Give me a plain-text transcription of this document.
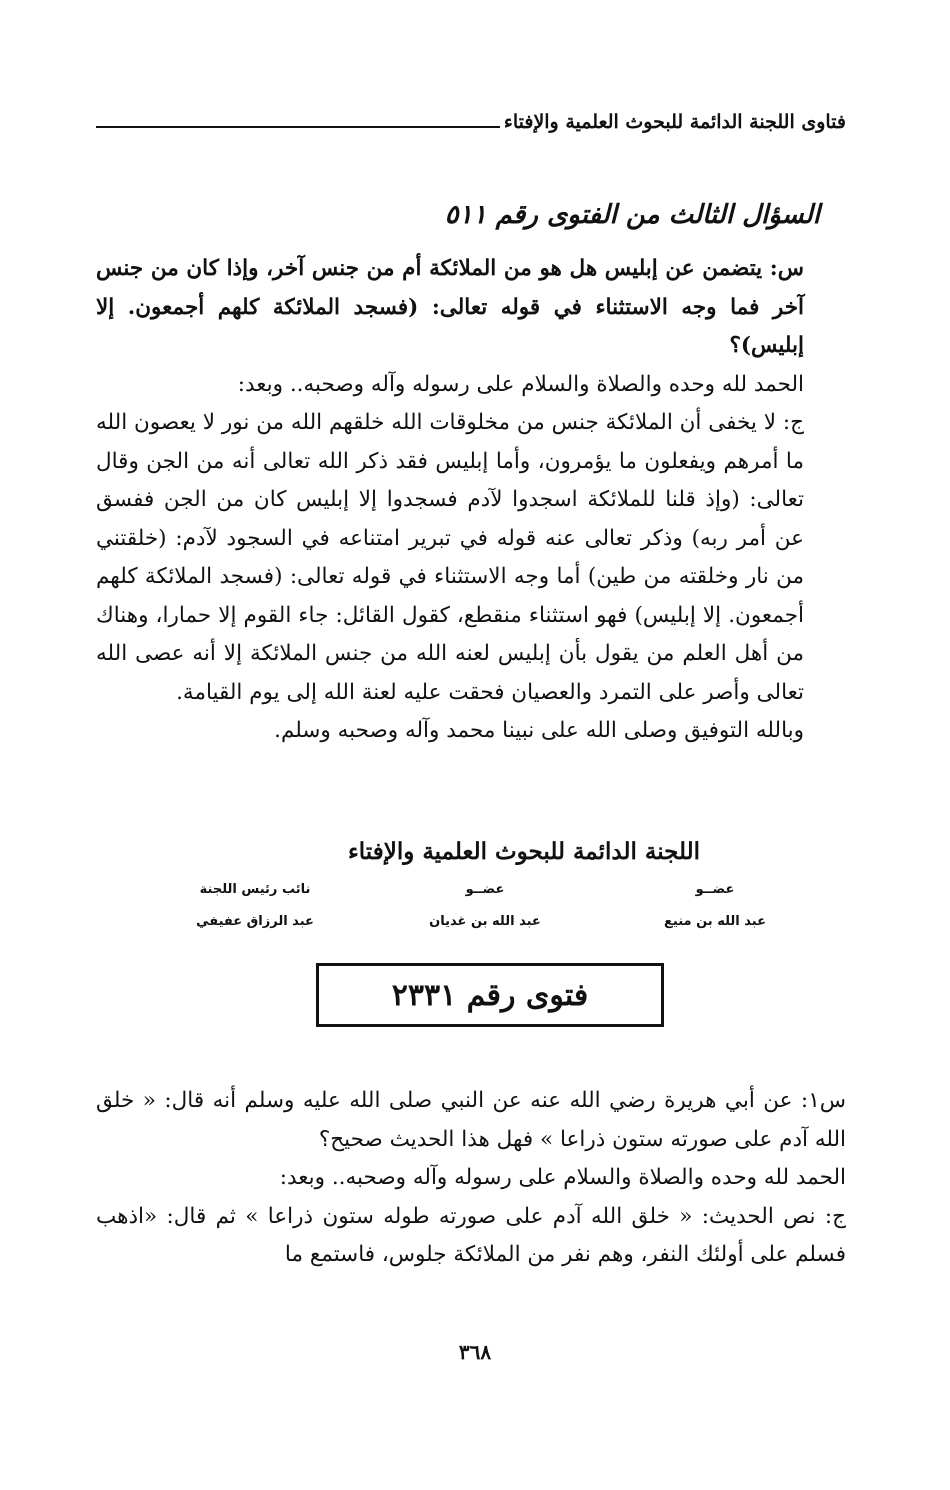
فتاوى اللجنة الدائمة للبحوث العلمية والإفتاء
السؤال الثالث من الفتوى رقم ٥١١

س: يتضمن عن إبليس هل هو من الملائكة أم من جنس آخر، وإذا كان من جنس آخر فما وجه الاستثناء في قوله تعالى: (فسجد الملائكة كلهم أجمعون. إلا إبليس)؟

الحمد لله وحده والصلاة والسلام على رسوله وآله وصحبه.. وبعد:

ج: لا يخفى أن الملائكة جنس من مخلوقات الله خلقهم الله من نور لا يعصون الله ما أمرهم ويفعلون ما يؤمرون، وأما إبليس فقد ذكر الله تعالى أنه من الجن وقال تعالى: (وإذ قلنا للملائكة اسجدوا لآدم فسجدوا إلا إبليس كان من الجن ففسق عن أمر ربه) وذكر تعالى عنه قوله في تبرير امتناعه في السجود لآدم: (خلقتني من نار وخلقته من طين) أما وجه الاستثناء في قوله تعالى: (فسجد الملائكة كلهم أجمعون. إلا إبليس) فهو استثناء منقطع، كقول القائل: جاء القوم إلا حمارا، وهناك من أهل العلم من يقول بأن إبليس لعنه الله من جنس الملائكة إلا أنه عصى الله تعالى وأصر على التمرد والعصيان فحقت عليه لعنة الله إلى يوم القيامة.

وبالله التوفيق وصلى الله على نبينا محمد وآله وصحبه وسلم.

اللجنة الدائمة للبحوث العلمية والإفتاء
عضــو
عبد الله بن منيع
عضــو
عبد الله بن غديان
نائب رئيس اللجنة
عبد الرزاق عفيفي
فتوى رقم ٢٣٣١

س١: عن أبي هريرة رضي الله عنه عن النبي صلى الله عليه وسلم أنه قال: « خلق الله آدم على صورته ستون ذراعا » فهل هذا الحديث صحيح؟

الحمد لله وحده والصلاة والسلام على رسوله وآله وصحبه.. وبعد:

ج: نص الحديث: « خلق الله آدم على صورته طوله ستون ذراعا » ثم قال: «اذهب فسلم على أولئك النفر، وهم نفر من الملائكة جلوس، فاستمع ما

٣٦٨
